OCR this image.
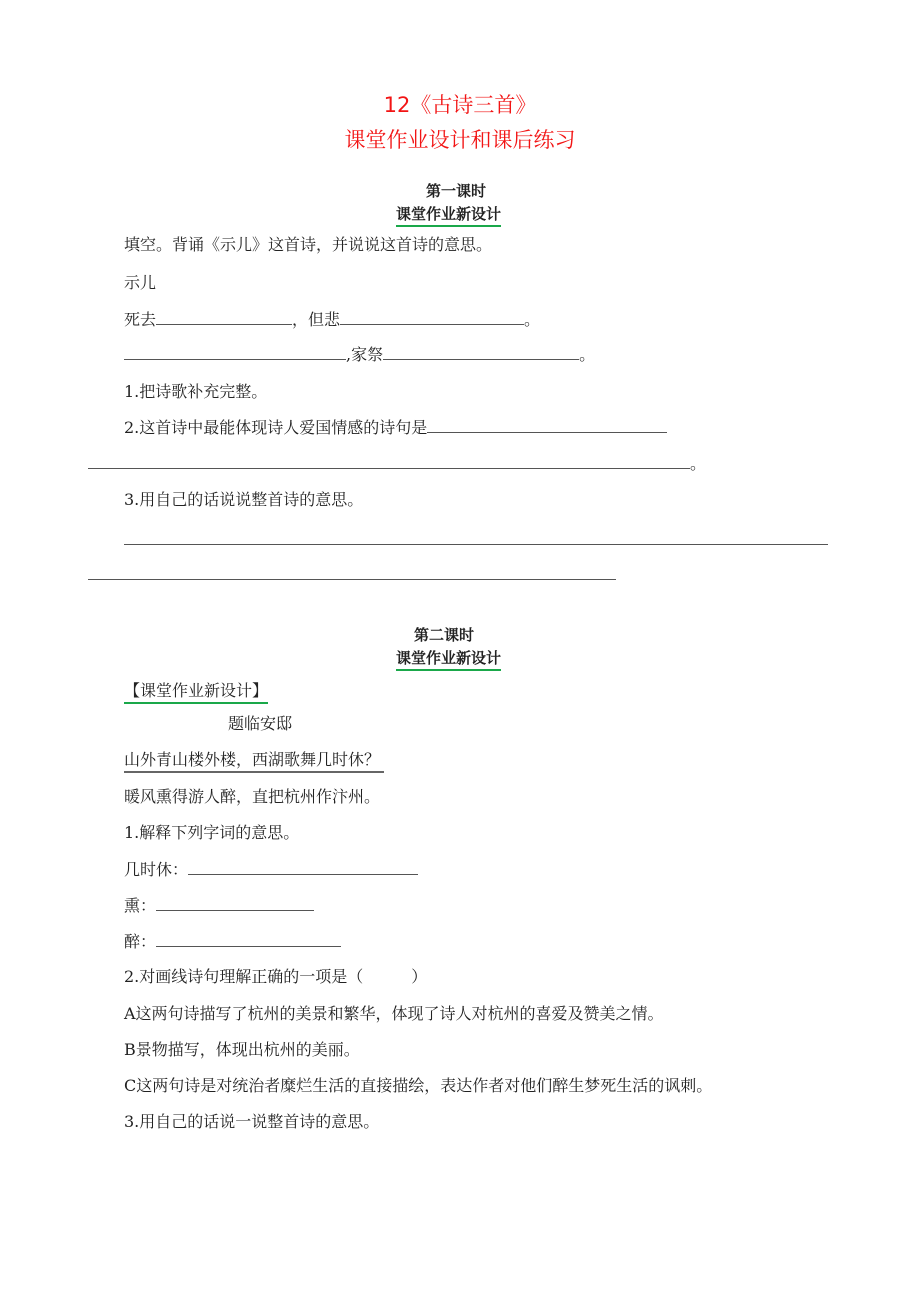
12《古诗三首》
课堂作业设计和课后练习
第一课时
课堂作业新设计
填空。背诵《示儿》这首诗，并说说这首诗的意思。
示儿
死去	，但悲	。
,家祭	。
1.把诗歌补充完整。
2.这首诗中最能体现诗人爱国情感的诗句是
。
3.用自己的话说说整首诗的意思。
第二课时
课堂作业新设计
【课堂作业新设计】
题临安邸
山外青山楼外楼，西湖歌舞几时休？
暖风熏得游人醉，直把杭州作汴州。
1.解释下列字词的意思。
几时休：
熏：
醉：
2.对画线诗句理解正确的一项是（　　　）
A这两句诗描写了杭州的美景和繁华，体现了诗人对杭州的喜爱及赞美之情。
B景物描写，体现出杭州的美丽。
C这两句诗是对统治者糜烂生活的直接描绘，表达作者对他们醉生梦死生活的讽刺。
3.用自己的话说一说整首诗的意思。
